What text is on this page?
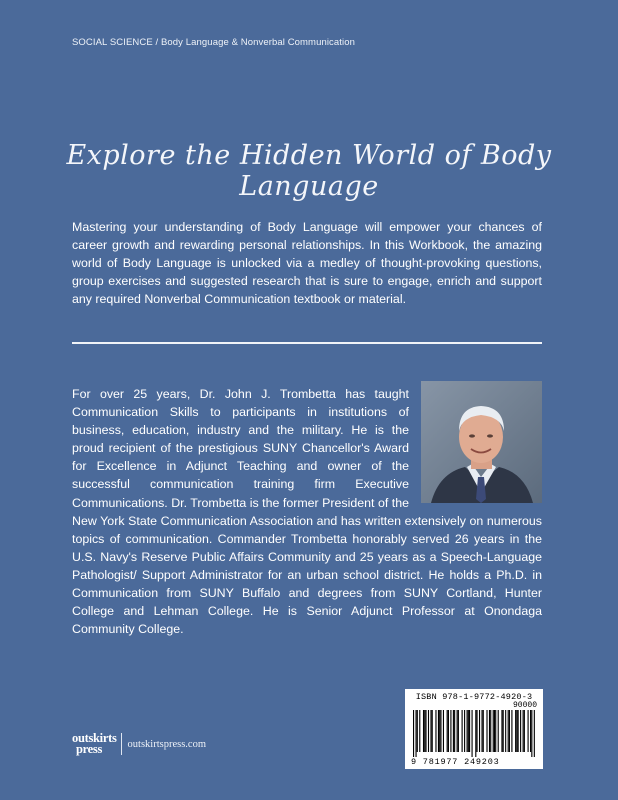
SOCIAL SCIENCE / Body Language & Nonverbal Communication
Explore the Hidden World of Body Language
Mastering your understanding of Body Language will empower your chances of career growth and rewarding personal relationships. In this Workbook, the amazing world of Body Language is unlocked via a medley of thought-provoking questions, group exercises and suggested research that is sure to engage, enrich and support any required Nonverbal Communication textbook or material.
For over 25 years, Dr. John J. Trombetta has taught Communication Skills to participants in institutions of business, education, industry and the military. He is the proud recipient of the prestigious SUNY Chancellor's Award for Excellence in Adjunct Teaching and owner of the successful communication training firm Executive Communications. Dr. Trombetta is the former President of the New York State Communication Association and has written extensively on numerous topics of communication. Commander Trombetta honorably served 26 years in the U.S. Navy's Reserve Public Affairs Community and 25 years as a Speech-Language Pathologist/ Support Administrator for an urban school district. He holds a Ph.D. in Communication from SUNY Buffalo and degrees from SUNY Cortland, Hunter College and Lehman College. He is Senior Adjunct Professor at Onondaga Community College.
ISBN 978-1-9772-4920-3
90000
9 781977 249203
outskirts
press	outskirtspress.com
